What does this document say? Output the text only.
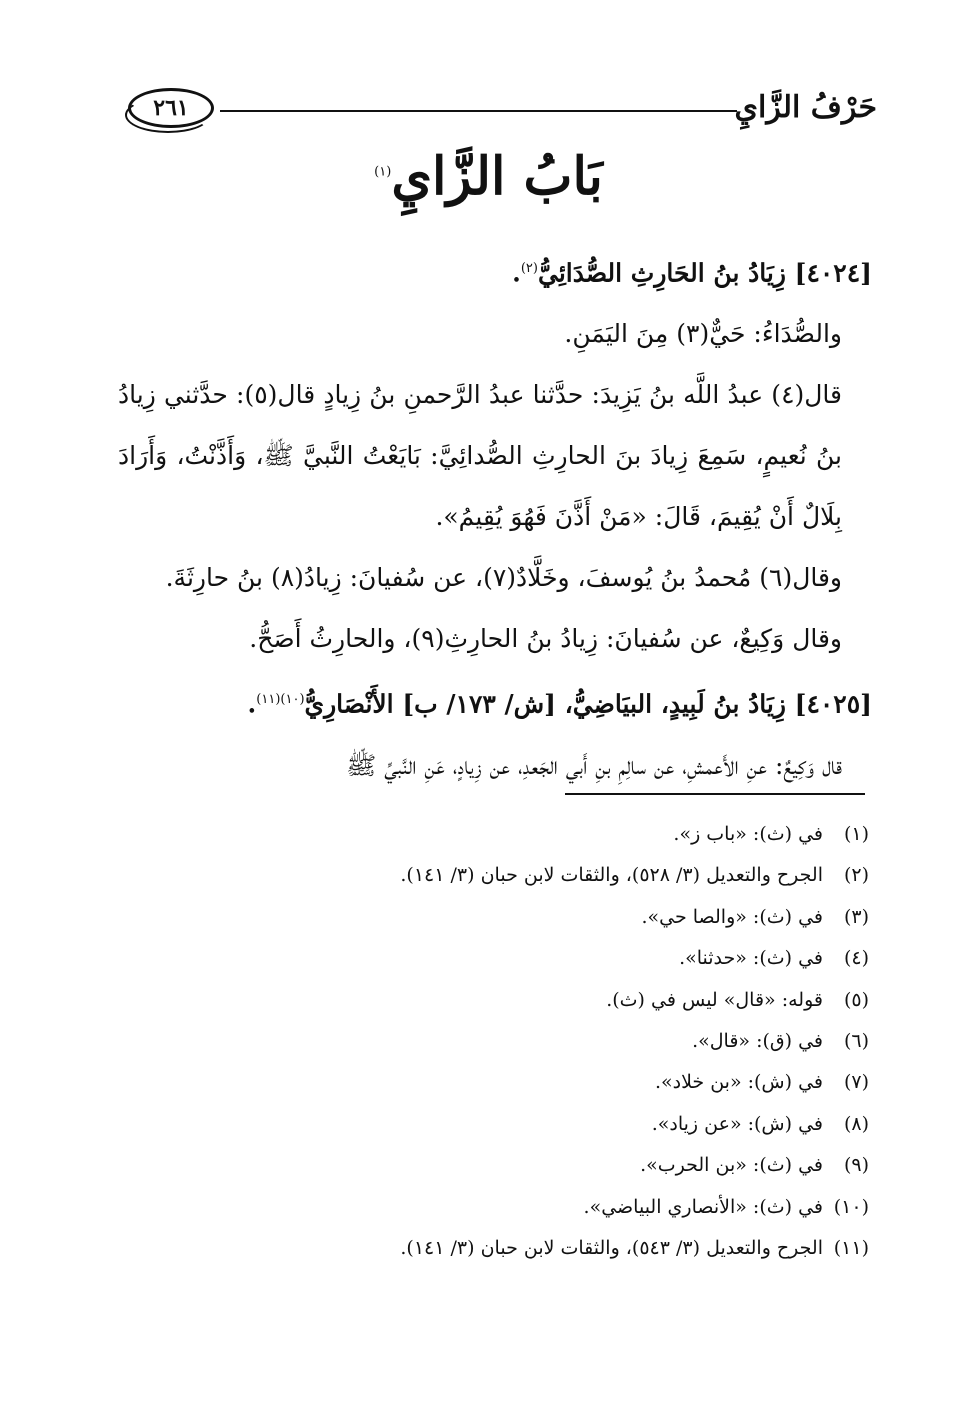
حَرْفُ الزَّايِ
٢٦١
بَابُ الزَّايِ$^{(١)}$

[٤٠٢٤] زِيَادُ بنُ الحَارِثِ الصُّدَائِيُّ$^{(٢)}$.

والصُّدَاءُ: حَيٌّ(٣) مِنَ اليَمَنِ.

قال(٤) عبدُ اللَّه بنُ يَزِيدَ: حدَّثنا عبدُ الرَّحمنِ بنُ زِيادٍ قال(٥): حدَّثني زِيادُ بنُ نُعيمٍ، سَمِعَ زِيادَ بنَ الحارِثِ الصُّدائِيَّ: بَايَعْتُ النَّبيَّ ﷺ، وَأَذَّنْتُ، وَأَرَادَ بِلَالٌ أَنْ يُقِيمَ، قَالَ: «مَنْ أَذَّنَ فَهُوَ يُقِيمُ».

وقال(٦) مُحمدُ بنُ يُوسفَ، وخَلَّادٌ(٧)، عن سُفيانَ: زِيادُ(٨) بنُ حارِثَةَ.

وقال وَكِيعٌ، عن سُفيانَ: زِيادُ بنُ الحارِثِ(٩)، والحارِثُ أَصَحُّ.

[٤٠٢٥] زِيَادُ بنُ لَبِيدٍ، البيَاضِيُّ، [ش/ ١٧٣/ ب] الأَنْصَارِيُّ$^{(١٠)(١١)}$.

قال وَكِيعٌ: عنِ الأَعمشِ، عن سالِمِ بنِ أَبي الجَعدِ، عن زِيادٍ، عَنِ النَّبيِّ ﷺ

(١)في (ث): «باب ز».
(٢)الجرح والتعديل (٣/ ٥٢٨)، والثقات لابن حبان (٣/ ١٤١).
(٣)في (ث): «والصا حي».
(٤)في (ث): «حدثنا».
(٥)قوله: «قال» ليس في (ث).
(٦)في (ق): «قال».
(٧)في (ش): «بن خلاد».
(٨)في (ش): «عن زياد».
(٩)في (ث): «بن الحرب».
(١٠)في (ث): «الأنصاري البياضي».
(١١)الجرح والتعديل (٣/ ٥٤٣)، والثقات لابن حبان (٣/ ١٤١).
